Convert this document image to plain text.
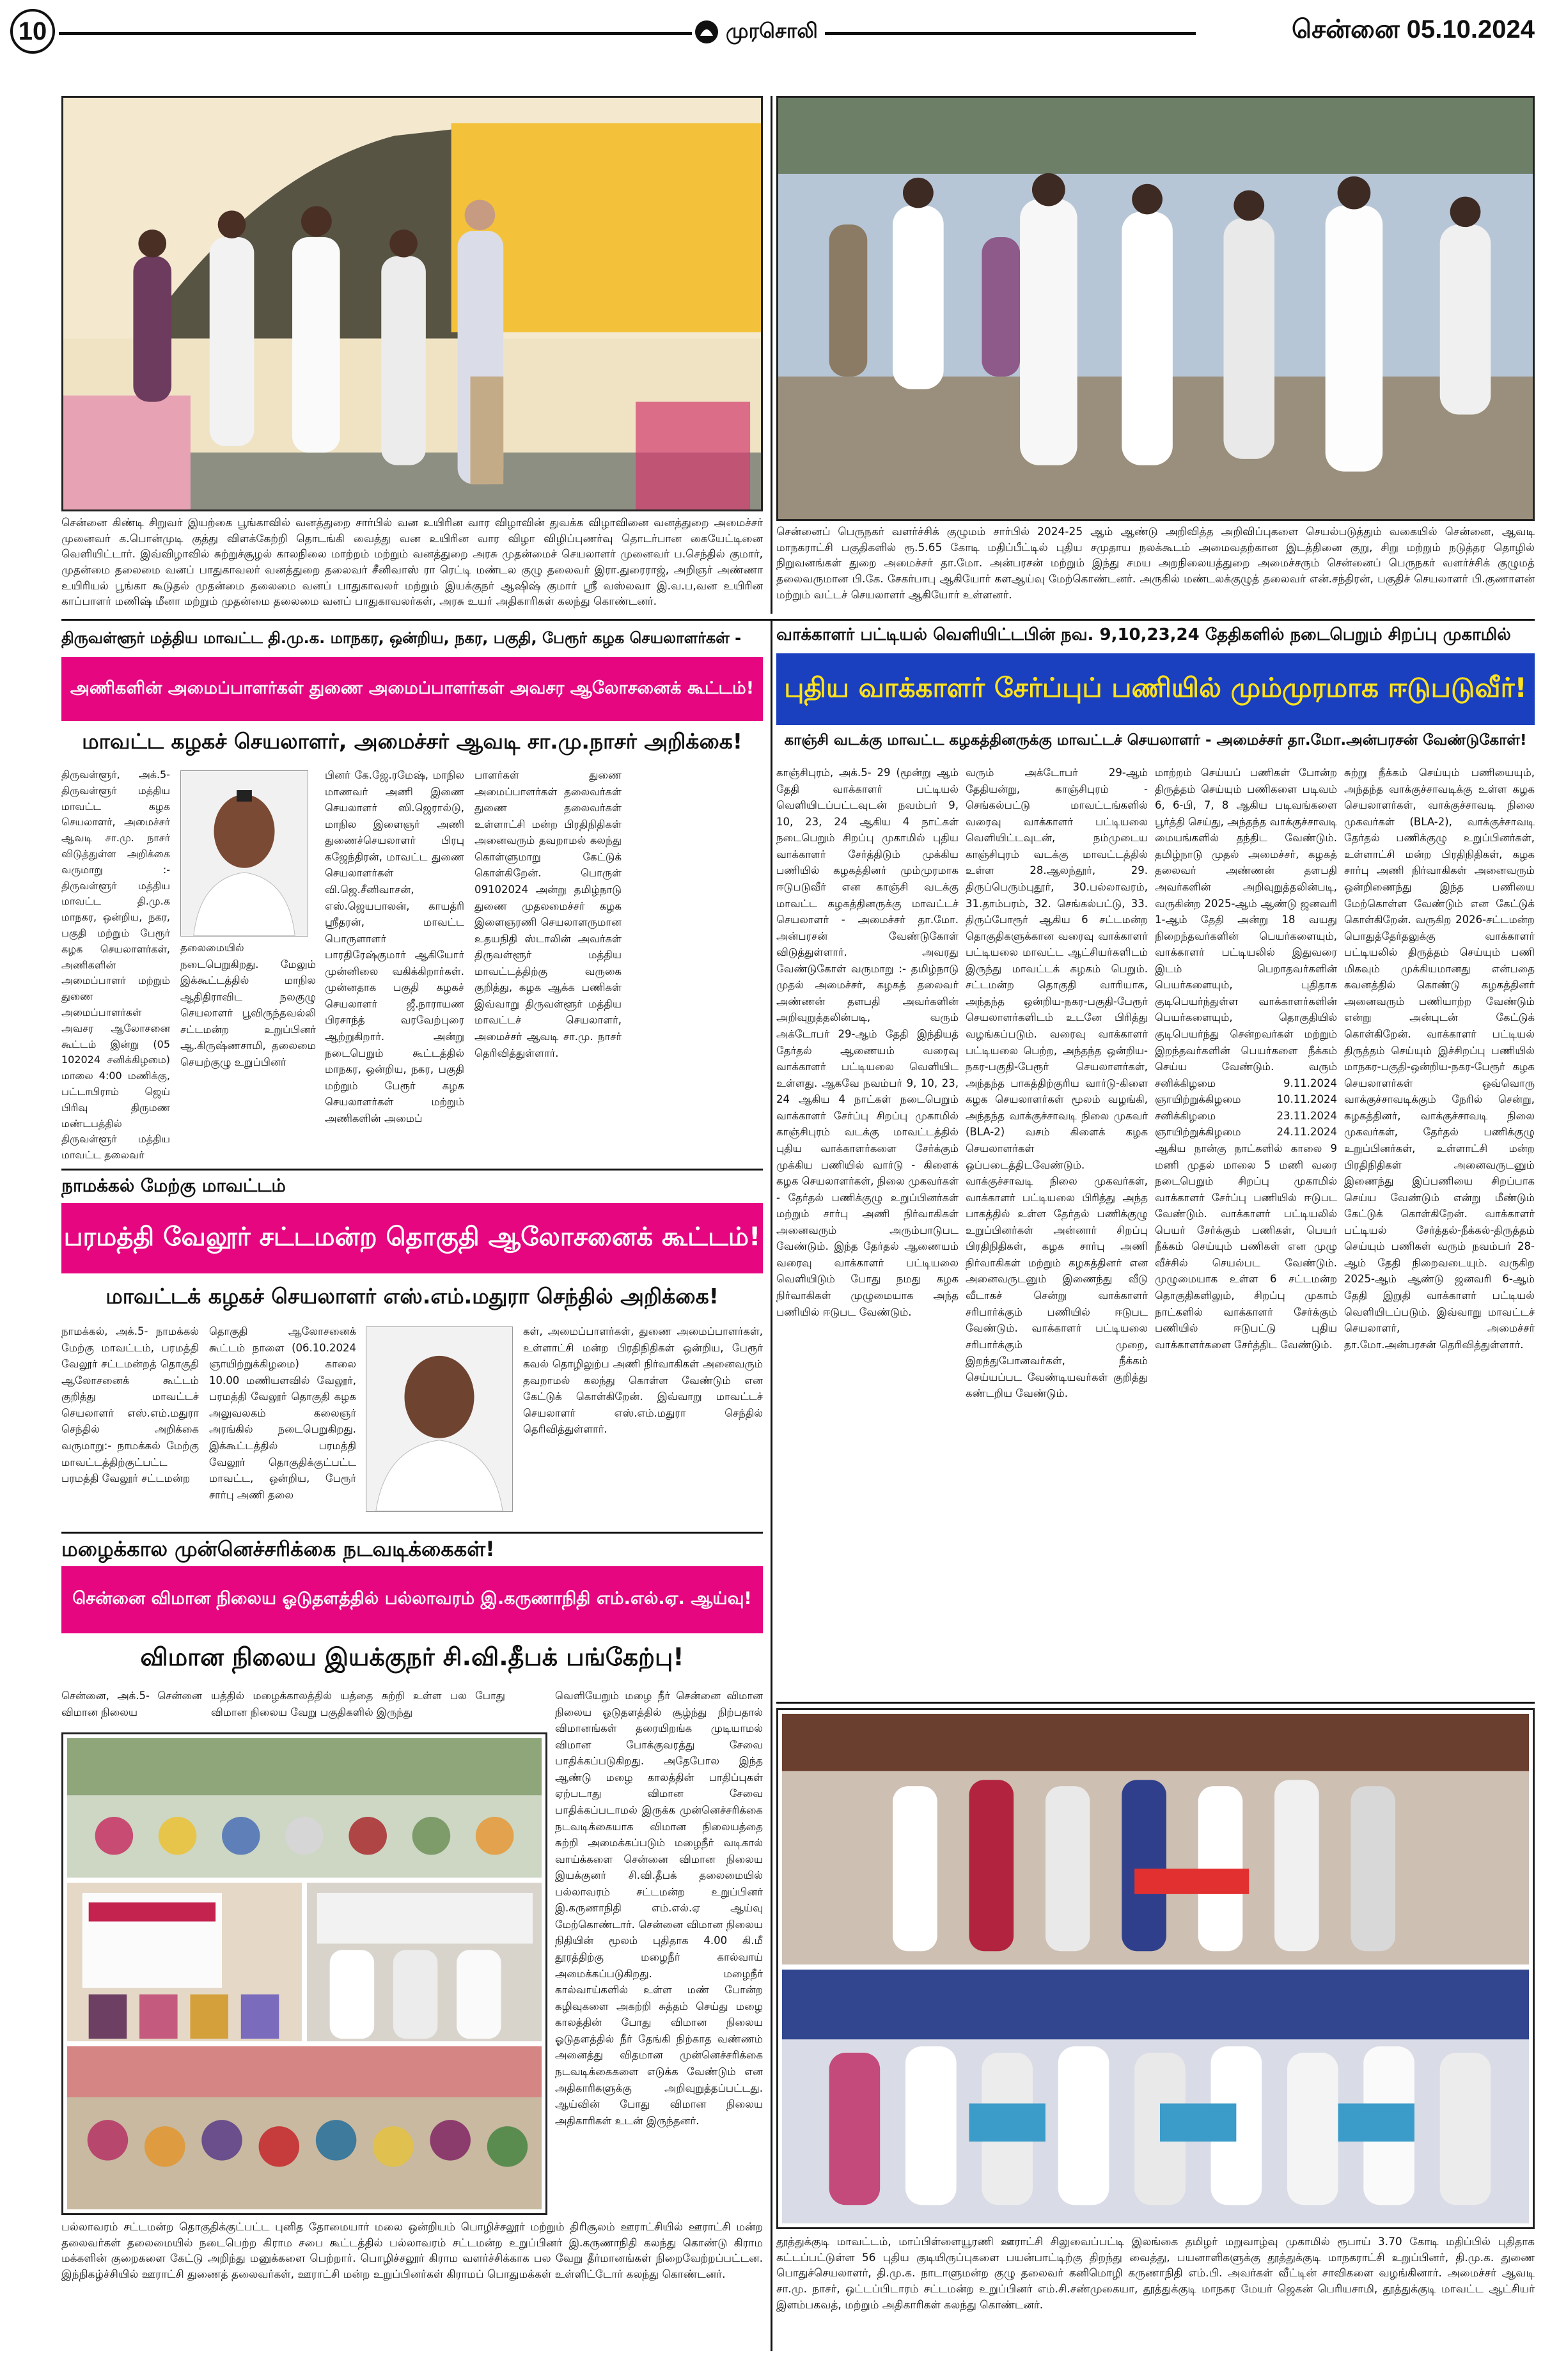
10	முரசொலி	சென்னை 05.10.2024
சென்னை கிண்டி சிறுவர் இயற்கை பூங்காவில் வனத்துறை சார்பில் வன உயிரின வார விழாவின் துவக்க விழாவினை வனத்துறை அமைச்சர் முனைவர் க.பொன்முடி குத்து விளக்கேற்றி தொடங்கி வைத்து வன உயிரின வார விழா விழிப்புணர்வு தொடர்பான கையேட்டினை வெளியிட்டார். இவ்விழாவில் சுற்றுச்சூழல் காலநிலை மாற்றம் மற்றும் வனத்துறை அரசு முதன்மைச் செயலாளர் முனைவர் ப.செந்தில் குமார், முதன்மை தலைமை வனப் பாதுகாவலர் வனத்துறை தலைவர் சீனிவாஸ் ரா ரெட்டி மண்டல குழு தலைவர் இரா.துரைராஜ், அறிஞர் அண்ணா உயிரியல் பூங்கா கூடுதல் முதன்மை தலைமை வனப் பாதுகாவலர் மற்றும் இயக்குநர் ஆஷிஷ் குமார் ஸ்ரீ வஸ்லவா இ.வ.ப,வன உயிரின காப்பாளர் மணிஷ் மீனா மற்றும் முதன்மை தலைமை வனப் பாதுகாவலர்கள், அரசு உயர் அதிகாரிகள் கலந்து கொண்டனர்.
சென்னைப் பெருநகர் வளர்ச்சிக் குழுமம் சார்பில் 2024-25 ஆம் ஆண்டு அறிவித்த அறிவிப்புகளை செயல்படுத்தும் வகையில் சென்னை, ஆவடி மாநகராட்சி பகுதிகளில் ரூ.5.65 கோடி மதிப்பீட்டில் புதிய சமுதாய நலக்கூடம் அமைவதற்கான இடத்தினை குறு, சிறு மற்றும் நடுத்தர தொழில் நிறுவனங்கள் துறை அமைச்சர் தா.மோ. அன்பரசன் மற்றும் இந்து சமய அறநிலையத்துறை அமைச்சரும் சென்னைப் பெருநகர் வளர்ச்சிக் குழுமத் தலைவருமான பி.கே. சேகர்பாபு ஆகியோர் களஆய்வு மேற்கொண்டனர். அருகில் மண்டலக்குழுத் தலைவர் என்.சந்திரன், பகுதிச் செயலாளர் பி.குணாளன் மற்றும் வட்டச் செயலாளர் ஆகியோர் உள்ளனர்.
திருவள்ளூர் மத்திய மாவட்ட தி.மு.க. மாநகர, ஒன்றிய, நகர, பகுதி, பேரூர் கழக செயலாளர்கள் -
அணிகளின் அமைப்பாளர்கள் துணை அமைப்பாளர்கள் அவசர ஆலோசனைக் கூட்டம்!
மாவட்ட கழகச் செயலாளர், அமைச்சர் ஆவடி சா.மு.நாசர் அறிக்கை!
திருவள்ளூர், அக்.5- திருவள்ளூர் மத்திய மாவட்ட கழக செயலாளர், அமைச்சர் ஆவடி சா.மு. நாசர் விடுத்துள்ள அறிக்கை வருமாறு :- திருவள்ளூர் மத்திய மாவட்ட தி.மு.க மாநகர, ஒன்றிய, நகர, பகுதி மற்றும் பேரூர் கழக செயலாளர்கள், அணிகளின் அமைப்பாளர் மற்றும் துணை அமைப்பாளர்கள் அவசர ஆலோசனை கூட்டம் இன்று (05 102024 சனிக்கிழமை) மாலை 4:00 மணிக்கு, பட்டாபிராம் ஜெய் பிரிவு திருமண மண்டபத்தில் திருவள்ளூர் மத்திய மாவட்ட தலைவர்
தலைமையில் நடைபெறுகிறது. மேலும் இக்கூட்டத்தில் மாநில ஆதிதிராவிட நலகுழு செயலாளர் பூவிருந்தவல்லி சட்டமன்ற உறுப்பினர் ஆ.கிருஷ்ணசாமி, தலைமை செயற்குழு உறுப்பினர்
பினர் கே.ஜே.ரமேஷ், மாநில மாணவர் அணி இணை செயலாளர் ஸி.ஜெரால்டு, மாநில இளைஞர் அணி துணைச்செயலாளர் பிரபு கஜேந்திரன், மாவட்ட துணை செயலாளர்கள் வி.ஜெ.சீனிவாசன், எஸ்.ஜெயபாலன், காயத்ரி ஸ்ரீதரன், மாவட்ட பொருளாளர் பாரதிரேஷ்குமார் ஆகியோர் முன்னிலை வகிக்கிறார்கள். முன்னதாக பகுதி கழகச் செயலாளர் ஜீ.நாராயண பிரசாந்த் வரவேற்புரை ஆற்றுகிறார். அன்று நடைபெறும் கூட்டத்தில் மாநகர, ஒன்றிய, நகர, பகுதி மற்றும் பேரூர் கழக செயலாளர்கள் மற்றும் அணிகளின் அமைப்
பாளர்கள் துணை அமைப்பாளர்கள் தலைவர்கள் துணை தலைவர்கள் உள்ளாட்சி மன்ற பிரதிநிதிகள் அனைவரும் தவறாமல் கலந்து கொள்ளுமாறு கேட்டுக் கொள்கிறேன். பொருள் 09102024 அன்று தமிழ்நாடு துணை முதலமைச்சர் கழக இளைஞரணி செயலாளருமான உதயநிதி ஸ்டாலின் அவர்கள் திருவள்ளூர் மத்திய மாவட்டத்திற்கு வருகை குறித்து, கழக ஆக்க பணிகள் இவ்வாறு திருவள்ளூர் மத்திய மாவட்டச் செயலாளர், அமைச்சர் ஆவடி சா.மு. நாசர் தெரிவித்துள்ளார்.
நாமக்கல் மேற்கு மாவட்டம்
பரமத்தி வேலூர் சட்டமன்ற தொகுதி ஆலோசனைக் கூட்டம்!
மாவட்டக் கழகச் செயலாளர் எஸ்.எம்.மதுரா செந்தில் அறிக்கை!
நாமக்கல், அக்.5- நாமக்கல் மேற்கு மாவட்டம், பரமத்தி வேலூர் சட்டமன்றத் தொகுதி ஆலோசனைக் கூட்டம் குறித்து மாவட்டச் செயலாளர் எஸ்.எம்.மதுரா செந்தில் அறிக்கை வருமாறு:- நாமக்கல் மேற்கு மாவட்டத்திற்குட்பட்ட பரமத்தி வேலூர் சட்டமன்ற
தொகுதி ஆலோசனைக் கூட்டம் நாளை (06.10.2024 ஞாயிற்றுக்கிழமை) காலை 10.00 மணியளவில் வேலூர், பரமத்தி வேலூர் தொகுதி கழக அலுவலகம் கலைஞர் அரங்கில் நடைபெறுகிறது. இக்கூட்டத்தில் பரமத்தி வேலூர் தொகுதிக்குட்பட்ட மாவட்ட, ஒன்றிய, பேரூர் சார்பு அணி தலை
கள், அமைப்பாளர்கள், துணை அமைப்பாளர்கள், உள்ளாட்சி மன்ற பிரதிநிதிகள் ஒன்றிய, பேரூர் கவல் தொழிலுற்ப அணி நிர்வாகிகள் அனைவரும் தவறாமல் கலந்து கொள்ள வேண்டும் என கேட்டுக் கொள்கிறேன். இவ்வாறு மாவட்டச் செயலாளர் எஸ்.எம்.மதுரா செந்தில் தெரிவித்துள்ளார்.
மழைக்கால முன்னெச்சரிக்கை நடவடிக்கைகள்!
சென்னை விமான நிலைய ஓடுதளத்தில் பல்லாவரம் இ.கருணாநிதி எம்.எல்.ஏ. ஆய்வு!
விமான நிலைய இயக்குநர் சி.வி.தீபக் பங்கேற்பு!
சென்னை, அக்.5- சென்னை விமான நிலைய
யத்தில் மழைக்காலத்தில் யத்தை சுற்றி உள்ள பல போது விமான நிலைய வேறு பகுதிகளில் இருந்து
வெளியேறும் மழை நீர் சென்னை விமான நிலைய ஓடுதளத்தில் சூழ்ந்து நிற்பதால் விமானங்கள் தரையிறங்க முடியாமல் விமான போக்குவரத்து சேவை பாதிக்கப்படுகிறது. அதேபோல இந்த ஆண்டு மழை காலத்தின் பாதிப்புகள் ஏற்படாது விமான சேவை பாதிக்கப்படாமல் இருக்க முன்னெச்சரிக்கை நடவடிக்கையாக விமான நிலையத்தை சுற்றி அமைக்கப்படும் மழைநீர் வடிகால் வாய்க்களை சென்னை விமான நிலைய இயக்குனர் சி.வி.தீபக் தலைமையில் பல்லாவரம் சட்டமன்ற உறுப்பினர் இ.கருணாநிதி எம்.எல்.ஏ ஆய்வு மேற்கொண்டார். சென்னை விமான நிலைய நிதியின் மூலம் புதிதாக 4.00 கி.மீ தூரத்திற்கு மழைநீர் கால்வாய் அமைக்கப்படுகிறது. மழைநீர் கால்வாய்களில் உள்ள மண் போன்ற கழிவுகளை அகற்றி சுத்தம் செய்து மழை காலத்தின் போது விமான நிலைய ஓடுதளத்தில் நீர் தேங்கி நிற்காத வண்ணம் அனைத்து விதமான முன்னெச்சரிக்கை நடவடிக்கைகளை எடுக்க வேண்டும் என அதிகாரிகளுக்கு அறிவுறுத்தப்பட்டது. ஆய்வின் போது விமான நிலைய அதிகாரிகள் உடன் இருந்தனர்.
பல்லாவரம் சட்டமன்ற தொகுதிக்குட்பட்ட புனித தோமையார் மலை ஒன்றியம் பொழிச்சலூர் மற்றும் திரிசூலம் ஊராட்சியில் ஊராட்சி மன்ற தலைவர்கள் தலைமையில் நடைபெற்ற கிராம சபை கூட்டத்தில் பல்லாவரம் சட்டமன்ற உறுப்பினர் இ.கருணாநிதி கலந்து கொண்டு கிராம மக்களின் குறைகளை கேட்டு அறிந்து மனுக்களை பெற்றார். பொழிச்சலூர் கிராம வளர்ச்சிக்காக பல வேறு தீர்மானங்கள் நிறைவேற்றப்பட்டன. இந்நிகழ்ச்சியில் ஊராட்சி துணைத் தலைவர்கள், ஊராட்சி மன்ற உறுப்பினர்கள் கிராமப் பொதுமக்கள் உள்ளிட்டோர் கலந்து கொண்டனர்.
வாக்காளர் பட்டியல் வெளியிட்டபின் நவ. 9,10,23,24 தேதிகளில் நடைபெறும் சிறப்பு முகாமில்
புதிய வாக்காளர் சேர்ப்புப் பணியில் மும்முரமாக ஈடுபடுவீர்!
காஞ்சி வடக்கு மாவட்ட கழகத்தினருக்கு மாவட்டச் செயலாளர் - அமைச்சர் தா.மோ.அன்பரசன் வேண்டுகோள்!
காஞ்சிபுரம், அக்.5- 29 (மூன்று ஆம் தேதி வாக்காளர் பட்டியல் வெளியிடப்பட்டவுடன் நவம்பர் 9, 10, 23, 24 ஆகிய 4 நாட்கள் நடைபெறும் சிறப்பு முகாமில் புதிய வாக்காளர் சேர்த்திடும் முக்கிய பணியில் கழகத்தினர் மும்முரமாக ஈடுபடுவீர் என காஞ்சி வடக்கு மாவட்ட கழகத்தினருக்கு மாவட்டச் செயலாளர் - அமைச்சர் தா.மோ. அன்பரசன் வேண்டுகோள் விடுத்துள்ளார். அவரது வேண்டுகோள் வருமாறு :- தமிழ்நாடு முதல் அமைச்சர், கழகத் தலைவர் அண்ணன் தளபதி அவர்களின் அறிவுறுத்தலின்படி, வரும் அக்டோபர் 29-ஆம் தேதி இந்தியத் தேர்தல் ஆணையம் வரைவு வாக்காளர் பட்டியலை வெளியிட உள்ளது. ஆகவே நவம்பர் 9, 10, 23, 24 ஆகிய 4 நாட்கள் நடைபெறும் வாக்காளர் சேர்ப்பு சிறப்பு முகாமில் காஞ்சிபுரம் வடக்கு மாவட்டத்தில் புதிய வாக்காளர்களை சேர்க்கும் முக்கிய பணியில் வார்டு - கிளைக் கழக செயலாளர்கள், நிலை முகவர்கள் - தேர்தல் பணிக்குழு உறுப்பினர்கள் மற்றும் சார்பு அணி நிர்வாகிகள் அனைவரும் அரும்பாடுபட வேண்டும். இந்த தேர்தல் ஆணையம் வரைவு வாக்காளர் பட்டியலை வெளியிடும் போது நமது கழக நிர்வாகிகள் முழுமையாக அந்த பணியில் ஈடுபட வேண்டும்.
வரும் அக்டோபர் 29-ஆம் தேதியன்று, காஞ்சிபுரம் - செங்கல்பட்டு மாவட்டங்களில் வரைவு வாக்காளர் பட்டியலை வெளியிட்டவுடன், நம்முடைய காஞ்சிபுரம் வடக்கு மாவட்டத்தில் உள்ள 28.ஆலந்தூர், 29. திருப்பெரும்புதூர், 30.பல்லாவரம், 31.தாம்பரம், 32. செங்கல்பட்டு, 33. திருப்போரூர் ஆகிய 6 சட்டமன்ற தொகுதிகளுக்கான வரைவு வாக்காளர் பட்டியலை மாவட்ட ஆட்சியர்களிடம் இருந்து மாவட்டக் கழகம் பெறும். சட்டமன்ற தொகுதி வாரியாக, அந்தந்த ஒன்றிய-நகர-பகுதி-பேரூர் செயலாளர்களிடம் உடனே பிரித்து வழங்கப்படும். வரைவு வாக்காளர் பட்டியலை பெற்ற, அந்தந்த ஒன்றிய-நகர-பகுதி-பேரூர் செயலாளர்கள், அந்தந்த பாகத்திற்குரிய வார்டு-கிளை கழக செயலாளர்கள் மூலம் வழங்கி, அந்தந்த வாக்குச்சாவடி நிலை முகவர் (BLA-2) வசம் கிளைக் கழக செயலாளர்கள் ஒப்படைத்திடவேண்டும். வாக்குச்சாவடி நிலை முகவர்கள், வாக்காளர் பட்டியலை பிரித்து அந்த பாகத்தில் உள்ள தேர்தல் பணிக்குழு உறுப்பினர்கள் அன்னார் சிறப்பு பிரதிநிதிகள், கழக சார்பு அணி நிர்வாகிகள் மற்றும் கழகத்தினர் என அனைவருடனும் இணைந்து வீடு வீடாகச் சென்று வாக்காளர் சரிபார்க்கும் பணியில் ஈடுபட வேண்டும். வாக்காளர் பட்டியலை சரிபார்க்கும் முறை, இறந்துபோனவர்கள், நீக்கம் செய்யப்பட வேண்டியவர்கள் குறித்து கண்டறிய வேண்டும்.
மாற்றம் செய்யப் பணிகள் போன்ற திருத்தம் செய்யும் பணிகளை படிவம் 6, 6-பி, 7, 8 ஆகிய படிவங்களை பூர்த்தி செய்து, அந்தந்த வாக்குச்சாவடி மையங்களில் தந்திட வேண்டும். தமிழ்நாடு முதல் அமைச்சர், கழகத் தலைவர் அண்ணன் தளபதி அவர்களின் அறிவுறுத்தலின்படி, வருகின்ற 2025-ஆம் ஆண்டு ஜனவரி 1-ஆம் தேதி அன்று 18 வயது நிறைந்தவர்களின் பெயர்களையும், வாக்காளர் பட்டியலில் இதுவரை இடம் பெறாதவர்களின் பெயர்களையும், புதிதாக குடிபெயர்ந்துள்ள வாக்காளர்களின் பெயர்களையும், தொகுதியில் குடிபெயர்ந்து சென்றவர்கள் மற்றும் இறந்தவர்களின் பெயர்களை நீக்கம் செய்ய வேண்டும். வரும் சனிக்கிழமை 9.11.2024 ஞாயிற்றுக்கிழமை 10.11.2024 சனிக்கிழமை 23.11.2024 ஞாயிற்றுக்கிழமை 24.11.2024 ஆகிய நான்கு நாட்களில் காலை 9 மணி முதல் மாலை 5 மணி வரை நடைபெறும் சிறப்பு முகாமில் வாக்காளர் சேர்ப்பு பணியில் ஈடுபட வேண்டும். வாக்காளர் பட்டியலில் பெயர் சேர்க்கும் பணிகள், பெயர் நீக்கம் செய்யும் பணிகள் என முழு வீச்சில் செயல்பட வேண்டும். முழுமையாக உள்ள 6 சட்டமன்ற தொகுதிகளிலும், சிறப்பு முகாம் நாட்களில் வாக்காளர் சேர்க்கும் பணியில் ஈடுபட்டு புதிய வாக்காளர்களை சேர்த்திட வேண்டும்.
சுற்று நீக்கம் செய்யும் பணியையும், அந்தந்த வாக்குச்சாவடிக்கு உள்ள கழக செயலாளர்கள், வாக்குச்சாவடி நிலை முகவர்கள் (BLA-2), வாக்குச்சாவடி தேர்தல் பணிக்குழு உறுப்பினர்கள், உள்ளாட்சி மன்ற பிரதிநிதிகள், கழக சார்பு அணி நிர்வாகிகள் அனைவரும் ஒன்றிணைந்து இந்த பணியை மேற்கொள்ள வேண்டும் என கேட்டுக் கொள்கிறேன். வருகிற 2026-சட்டமன்ற பொதுத்தேர்தலுக்கு வாக்காளர் பட்டியலில் திருத்தம் செய்யும் பணி மிகவும் முக்கியமானது என்பதை கவனத்தில் கொண்டு கழகத்தினர் அனைவரும் பணியாற்ற வேண்டும் என்று அன்புடன் கேட்டுக் கொள்கிறேன். வாக்காளர் பட்டியல் திருத்தம் செய்யும் இச்சிறப்பு பணியில் மாநகர-பகுதி-ஒன்றிய-நகர-பேரூர் கழக செயலாளர்கள் ஒவ்வொரு வாக்குச்சாவடிக்கும் நேரில் சென்று, கழகத்தினர், வாக்குச்சாவடி நிலை முகவர்கள், தேர்தல் பணிக்குழு உறுப்பினர்கள், உள்ளாட்சி மன்ற பிரதிநிதிகள் அனைவருடனும் இணைந்து இப்பணியை சிறப்பாக செய்ய வேண்டும் என்று மீண்டும் கேட்டுக் கொள்கிறேன். வாக்காளர் பட்டியல் சேர்த்தல்-நீக்கல்-திருத்தம் செய்யும் பணிகள் வரும் நவம்பர் 28-ஆம் தேதி நிறைவடையும். வருகிற 2025-ஆம் ஆண்டு ஜனவரி 6-ஆம் தேதி இறுதி வாக்காளர் பட்டியல் வெளியிடப்படும். இவ்வாறு மாவட்டச் செயலாளர், அமைச்சர் தா.மோ.அன்பரசன் தெரிவித்துள்ளார்.
தூத்துக்குடி மாவட்டம், மாப்பிள்ளையூரணி ஊராட்சி சிலுவைப்பட்டி இலங்கை தமிழர் மறுவாழ்வு முகாமில் ரூபாய் 3.70 கோடி மதிப்பில் புதிதாக கட்டப்பட்டுள்ள 56 புதிய குடியிருப்புகளை பயன்பாட்டிற்கு திறந்து வைத்து, பயனாளிகளுக்கு தூத்துக்குடி மாநகராட்சி உறுப்பினர், தி.மு.க. துணை பொதுச்செயலாளர், தி.மு.க. நாடாளுமன்ற குழு தலைவர் கனிமொழி கருணாநிதி எம்.பி. அவர்கள் வீட்டின் சாவிகளை வழங்கினார். அமைச்சர் ஆவடி சா.மு. நாசர், ஒட்டப்பிடாரம் சட்டமன்ற உறுப்பினர் எம்.சி.சண்முகையா, தூத்துக்குடி மாநகர மேயர் ஜெகன் பெரியசாமி, தூத்துக்குடி மாவட்ட ஆட்சியர் இளம்பகவத், மற்றும் அதிகாரிகள் கலந்து கொண்டனர்.
